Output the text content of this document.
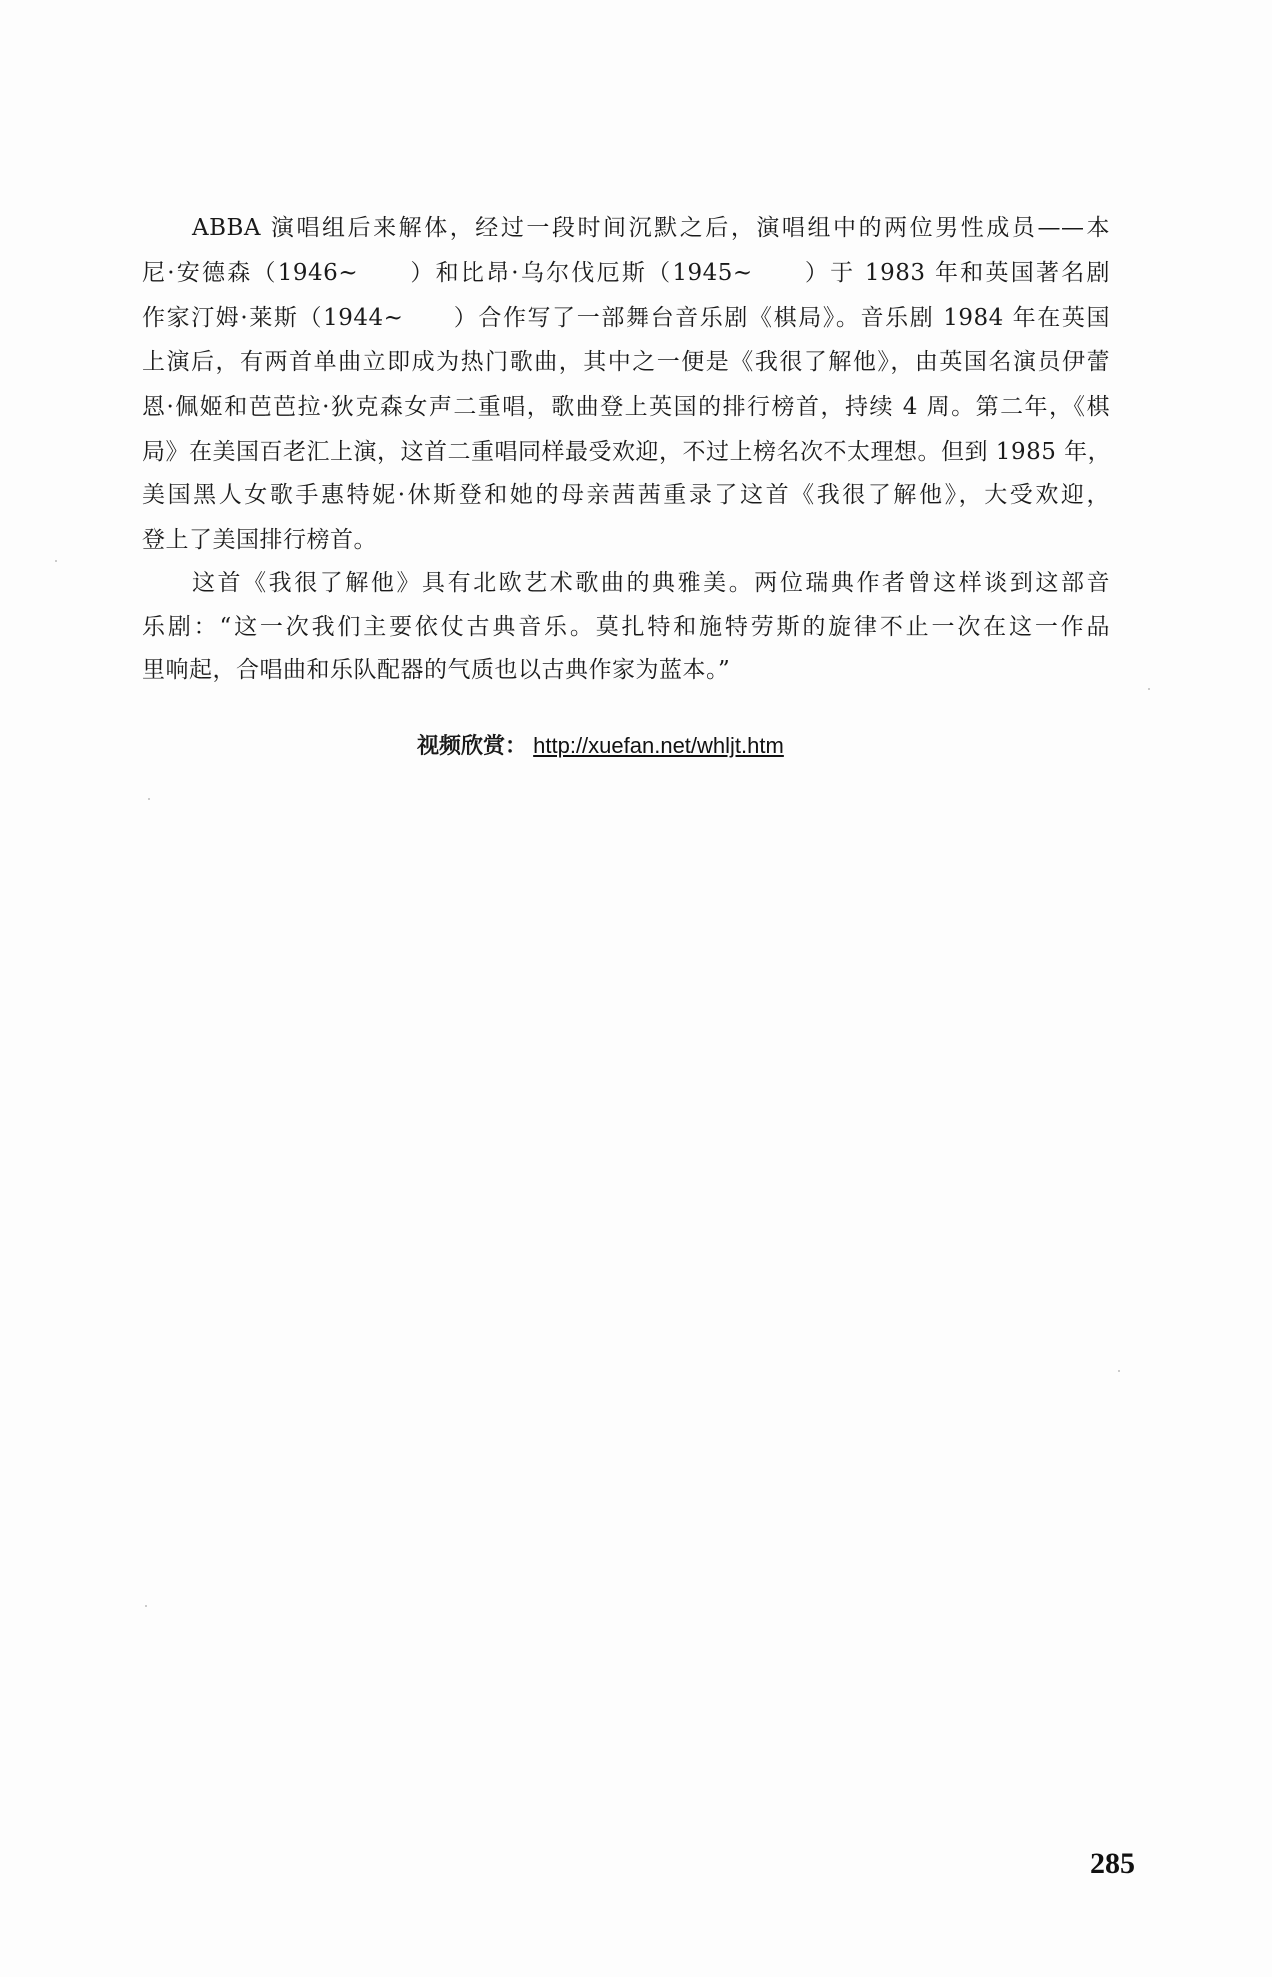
ABBA 演唱组后来解体，经过一段时间沉默之后，演唱组中的两位男性成员——本
尼·安德森（1946~　　）和比昂·乌尔伐厄斯（1945~　　）于 1983 年和英国著名剧
作家汀姆·莱斯（1944~　　）合作写了一部舞台音乐剧《棋局》。音乐剧 1984 年在英国
上演后，有两首单曲立即成为热门歌曲，其中之一便是《我很了解他》，由英国名演员伊蕾
恩·佩姬和芭芭拉·狄克森女声二重唱，歌曲登上英国的排行榜首，持续 4 周。第二年，《棋
局》在美国百老汇上演，这首二重唱同样最受欢迎，不过上榜名次不太理想。但到 1985 年，
美国黑人女歌手惠特妮·休斯登和她的母亲茜茜重录了这首《我很了解他》，大受欢迎，
登上了美国排行榜首。
这首《我很了解他》具有北欧艺术歌曲的典雅美。两位瑞典作者曾这样谈到这部音
乐剧：“这一次我们主要依仗古典音乐。莫扎特和施特劳斯的旋律不止一次在这一作品
里响起，合唱曲和乐队配器的气质也以古典作家为蓝本。”
视频欣赏： http://xuefan.net/whljt.htm
285
